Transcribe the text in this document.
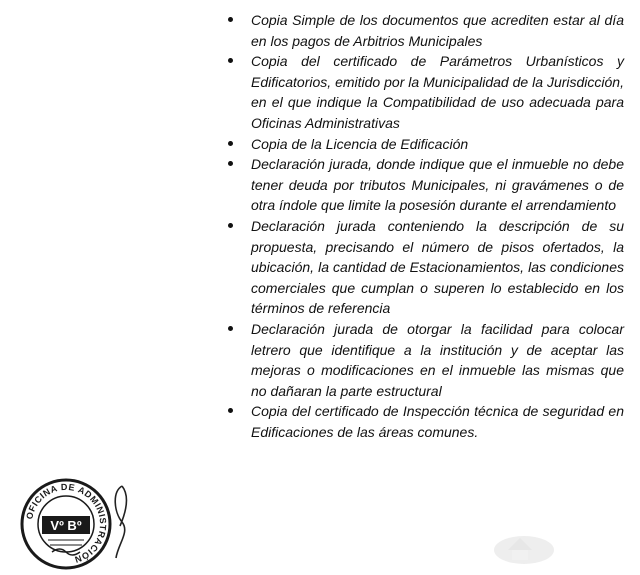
Copia Simple de los documentos que acrediten estar al día en los pagos de Arbitrios Municipales
Copia del certificado de Parámetros Urbanísticos y Edificatorios, emitido por la Municipalidad de la Jurisdicción, en el que indique la Compatibilidad de uso adecuada para Oficinas Administrativas
Copia de la Licencia de Edificación
Declaración jurada, donde indique que el inmueble no debe tener deuda por tributos Municipales, ni gravámenes o de otra índole que limite la posesión durante el arrendamiento
Declaración jurada conteniendo la descripción de su propuesta, precisando el número de pisos ofertados, la ubicación, la cantidad de Estacionamientos, las condiciones comerciales que cumplan o superen lo establecido en los términos de referencia
Declaración jurada de otorgar la facilidad para colocar letrero que identifique a la institución y de aceptar las mejoras o modificaciones en el inmueble las mismas que no dañaran la parte estructural
Copia del certificado de Inspección técnica de seguridad en Edificaciones de las áreas comunes.
OFICINA DE ADMINISTRACIÓN
Vº Bº
